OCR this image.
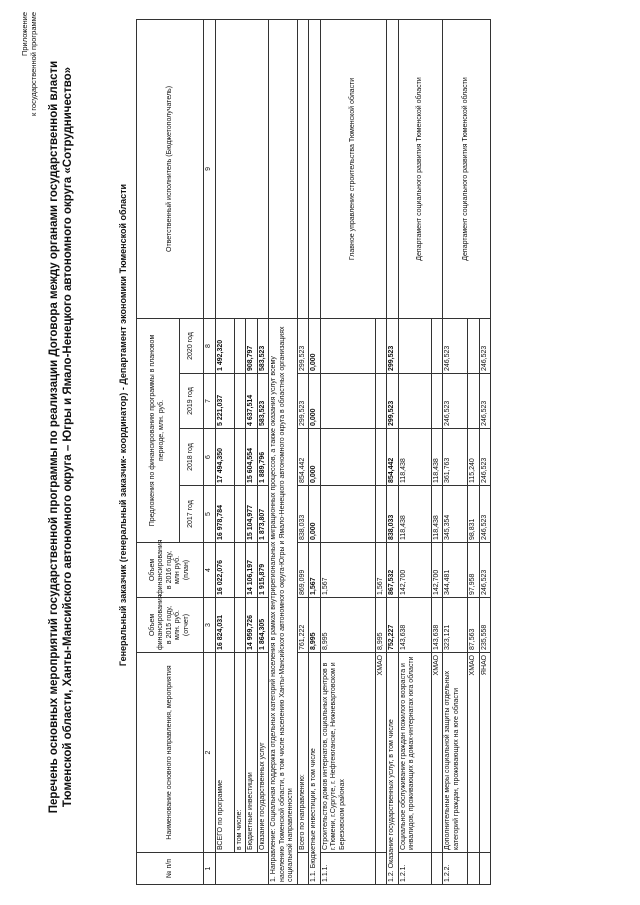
Приложение к государственной программе Перечень основных мероприятий государственной программы по реализации Договора между органами государственной власти Тюменской области, Ханты-Мансийского автономного округа – Югры и Ямало-Ненецкого автономного округа «Сотрудничество»	Генеральный заказчик (генеральный заказчик- координатор) - Департамент экономики Тюменской области
№ п/п	Наименование основного направления, мероприятия	Объем финансирования в 2015 году, млн. руб. (отчет)	Объем финансирования в 2016 году, млн руб. (план)	Предложения по финансированию программы в плановом периоде, млн. руб.				Ответственный исполнитель (Бюджетополучатель)
				2017 год	2018 год	2019 год	2020 год	
1	2	3	4	5	6	7	8	9
	ВСЕГО по программе	16 824,031	16 022,076	16 978,784	17 494,350	5 221,037	1 492,320	
	в том числе:							
	Бюджетные инвестиции	14 959,726	14 106,197	15 104,977	15 604,554	4 637,514	908,797	
	Оказание государственных услуг	1 864,305	1 915,879	1 873,807	1 889,796	583,523	583,523	
1. Направление: Социальная поддержка отдельных категорий населения в рамках внутрирегиональных миграционных процессов, а также оказания услуг всему населению Тюменской области, в том числе населению Ханты-Мансийского автономного округа-Югры и Ямало-Ненецкого автономного округа в областных организациях социальной направленности								
	Всего по направлению:	761,222	869,099	838,033	854,442	299,523	299,523	
1.1. Бюджетные инвестиции, в том числе		8,995	1,567	0,000	0,000	0,000	0,000	
1.1.1.	Строительство домов интернатов, социальных центров в г.Тюмени, г.Сургуте, г. Нефтеюганске, Нижневартовском и Березовском районах	8,995	1,567					Главное управление строительства Тюменской области
	ХМАО	8,995	1,567					
1.2. Оказание государственных услуг, в том числе		752,227	867,532	838,033	854,442	299,523	299,523	
1.2.1.	Социальное обслуживание граждан пожилого возраста и инвалидов, проживающих в домах-интернатах юга области	143,638	142,700	118,438	118,438			Департамент социального развития Тюменской области
	ХМАО	143,638	142,700	118,438	118,438			
1.2.2.	Дополнительные меры социальной защиты отдельных категорий граждан, проживающих на юге области	323,121	344,481	345,354	361,763	246,523	246,523	Департамент социального развития Тюменской области
	ХМАО	87,563	97,958	98,831	115,240			
	ЯНАО	235,558	246,523	246,523	246,523	246,523	246,523	
